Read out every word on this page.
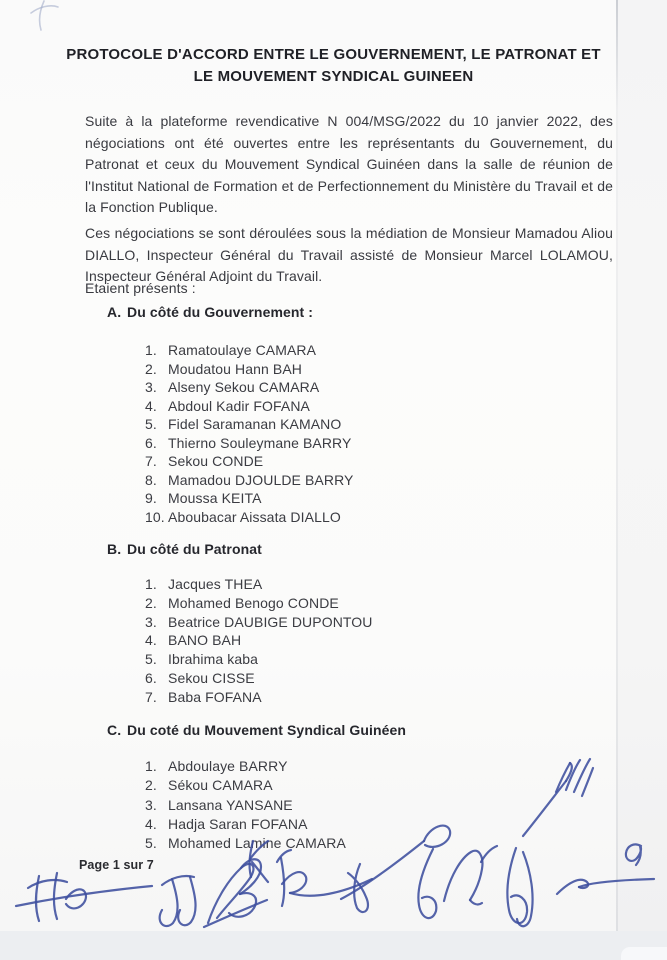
PROTOCOLE D'ACCORD ENTRE LE GOUVERNEMENT, LE PATRONAT ET
LE MOUVEMENT SYNDICAL GUINEEN
Suite à la plateforme revendicative N 004/MSG/2022 du 10 janvier 2022, des négociations ont été ouvertes entre les représentants du Gouvernement, du Patronat et ceux du Mouvement Syndical Guinéen dans la salle de réunion de l'Institut National de Formation et de Perfectionnement du Ministère du Travail et de la Fonction Publique.
Ces négociations se sont déroulées sous la médiation de Monsieur Mamadou Aliou DIALLO, Inspecteur Général du Travail assisté de Monsieur Marcel LOLAMOU, Inspecteur Général Adjoint du Travail.
Etaient présents :
A. Du côté du Gouvernement :
1. Ramatoulaye CAMARA
2. Moudatou Hann BAH
3. Alseny Sekou CAMARA
4. Abdoul Kadir FOFANA
5. Fidel Saramanan KAMANO
6. Thierno Souleymane BARRY
7. Sekou CONDE
8. Mamadou DJOULDE BARRY
9. Moussa KEITA
10. Aboubacar Aissata DIALLO
B. Du côté du Patronat
1. Jacques THEA
2. Mohamed Benogo CONDE
3. Beatrice DAUBIGE DUPONTOU
4. BANO BAH
5. Ibrahima kaba
6. Sekou CISSE
7. Baba FOFANA
C. Du coté du Mouvement Syndical Guinéen
1. Abdoulaye BARRY
2. Sékou CAMARA
3. Lansana YANSANE
4. Hadja Saran FOFANA
5. Mohamed Lamine CAMARA
Page 1 sur 7
